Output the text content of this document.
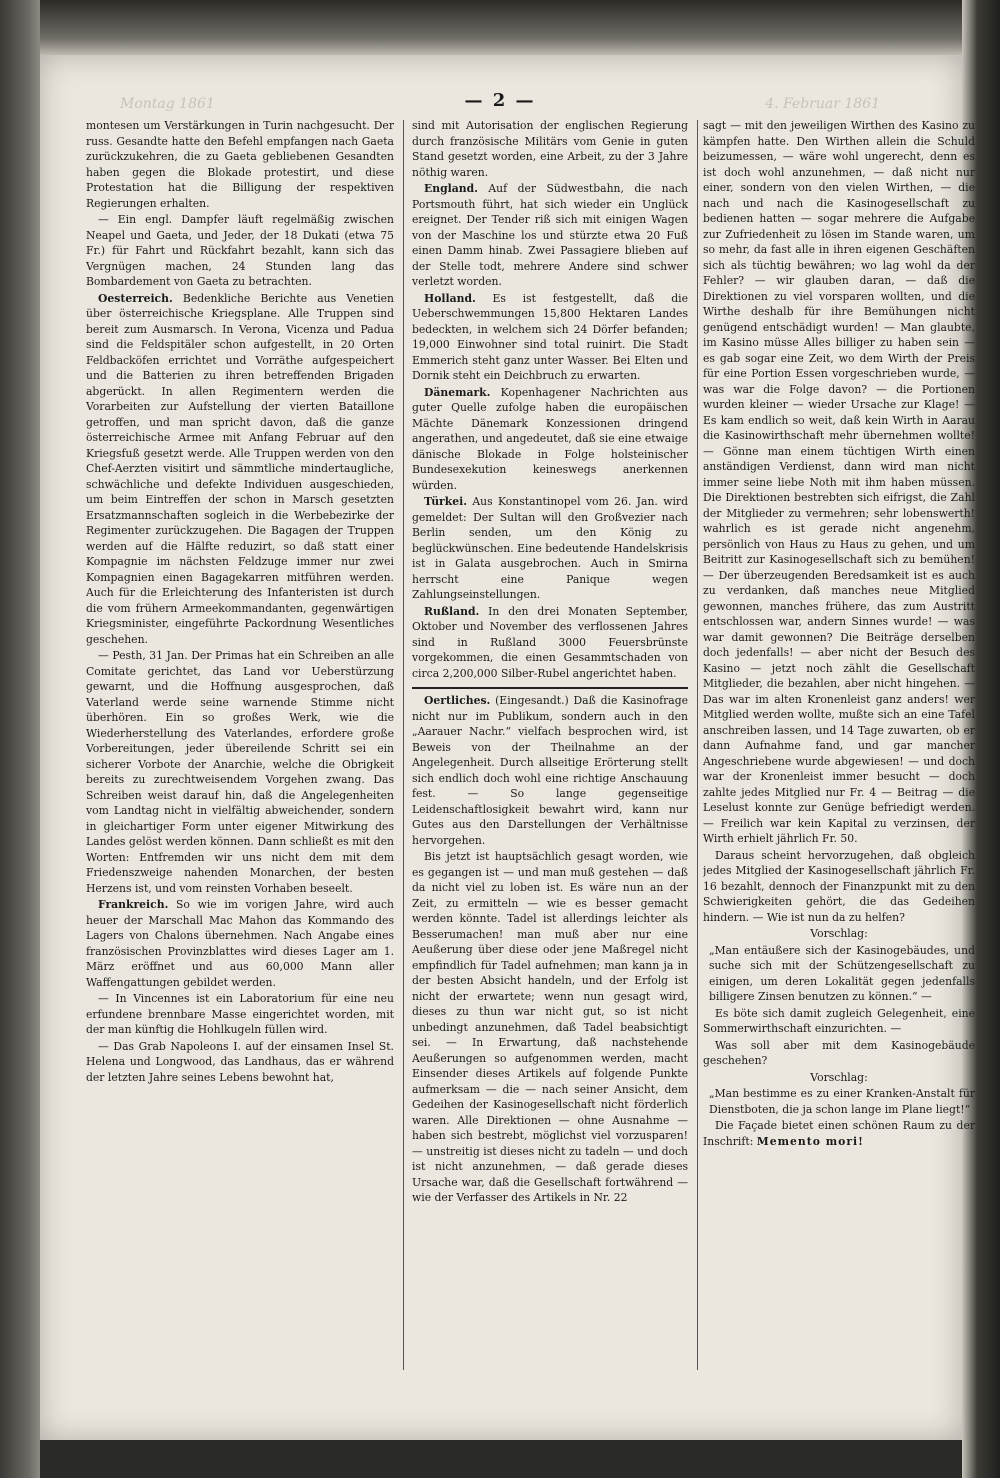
Montag 1861	4. Februar 1861
— 2 —

montesen um Verstärkungen in Turin nachgesucht. Der russ. Gesandte hatte den Befehl empfangen nach Gaeta zurückzukehren, die zu Gaeta gebliebenen Gesandten haben gegen die Blokade protestirt, und diese Protestation hat die Billigung der respektiven Regierungen erhalten.

— Ein engl. Dampfer läuft regelmäßig zwischen Neapel und Gaeta, und Jeder, der 18 Dukati (etwa 75 Fr.) für Fahrt und Rückfahrt bezahlt, kann sich das Vergnügen machen, 24 Stunden lang das Bombardement von Gaeta zu betrachten.

Oesterreich. Bedenkliche Berichte aus Venetien über österreichische Kriegsplane. Alle Truppen sind bereit zum Ausmarsch. In Verona, Vicenza und Padua sind die Feldspitäler schon aufgestellt, in 20 Orten Feldbacköfen errichtet und Vorräthe aufgespeichert und die Batterien zu ihren betreffenden Brigaden abgerückt. In allen Regimentern werden die Vorarbeiten zur Aufstellung der vierten Bataillone getroffen, und man spricht davon, daß die ganze österreichische Armee mit Anfang Februar auf den Kriegsfuß gesetzt werde. Alle Truppen werden von den Chef-Aerzten visitirt und sämmtliche mindertaugliche, schwächliche und defekte Individuen ausgeschieden, um beim Eintreffen der schon in Marsch gesetzten Ersatzmannschaften sogleich in die Werbebezirke der Regimenter zurückzugehen. Die Bagagen der Truppen werden auf die Hälfte reduzirt, so daß statt einer Kompagnie im nächsten Feldzuge immer nur zwei Kompagnien einen Bagagekarren mitführen werden. Auch für die Erleichterung des Infanteristen ist durch die vom frühern Armeekommandanten, gegenwärtigen Kriegsminister, eingeführte Packordnung Wesentliches geschehen.

— Pesth, 31 Jan. Der Primas hat ein Schreiben an alle Comitate gerichtet, das Land vor Ueberstürzung gewarnt, und die Hoffnung ausgesprochen, daß Vaterland werde seine warnende Stimme nicht überhören. Ein so großes Werk, wie die Wiederherstellung des Vaterlandes, erfordere große Vorbereitungen, jeder übereilende Schritt sei ein sicherer Vorbote der Anarchie, welche die Obrigkeit bereits zu zurechtweisendem Vorgehen zwang. Das Schreiben weist darauf hin, daß die Angelegenheiten vom Landtag nicht in vielfältig abweichender, sondern in gleichartiger Form unter eigener Mitwirkung des Landes gelöst werden können. Dann schließt es mit den Worten: Entfremden wir uns nicht dem mit dem Friedenszweige nahenden Monarchen, der besten Herzens ist, und vom reinsten Vorhaben beseelt.

Frankreich. So wie im vorigen Jahre, wird auch heuer der Marschall Mac Mahon das Kommando des Lagers von Chalons übernehmen. Nach Angabe eines französischen Provinzblattes wird dieses Lager am 1. März eröffnet und aus 60,000 Mann aller Waffengattungen gebildet werden.

— In Vincennes ist ein Laboratorium für eine neu erfundene brennbare Masse eingerichtet worden, mit der man künftig die Hohlkugeln füllen wird.

— Das Grab Napoleons I. auf der einsamen Insel St. Helena und Longwood, das Landhaus, das er während der letzten Jahre seines Lebens bewohnt hat,

sind mit Autorisation der englischen Regierung durch französische Militärs vom Genie in guten Stand gesetzt worden, eine Arbeit, zu der 3 Jahre nöthig waren.

England. Auf der Südwestbahn, die nach Portsmouth führt, hat sich wieder ein Unglück ereignet. Der Tender riß sich mit einigen Wagen von der Maschine los und stürzte etwa 20 Fuß einen Damm hinab. Zwei Passagiere blieben auf der Stelle todt, mehrere Andere sind schwer verletzt worden.

Holland. Es ist festgestellt, daß die Ueberschwemmungen 15,800 Hektaren Landes bedeckten, in welchem sich 24 Dörfer befanden; 19,000 Einwohner sind total ruinirt. Die Stadt Emmerich steht ganz unter Wasser. Bei Elten und Dornik steht ein Deichbruch zu erwarten.

Dänemark. Kopenhagener Nachrichten aus guter Quelle zufolge haben die europäischen Mächte Dänemark Konzessionen dringend angerathen, und angedeutet, daß sie eine etwaige dänische Blokade in Folge holsteinischer Bundesexekution keineswegs anerkennen würden.

Türkei. Aus Konstantinopel vom 26. Jan. wird gemeldet: Der Sultan will den Großvezier nach Berlin senden, um den König zu beglückwünschen. Eine bedeutende Handelskrisis ist in Galata ausgebrochen. Auch in Smirna herrscht eine Panique wegen Zahlungseinstellungen.

Rußland. In den drei Monaten September, Oktober und November des verflossenen Jahres sind in Rußland 3000 Feuersbrünste vorgekommen, die einen Gesammtschaden von circa 2,200,000 Silber-Rubel angerichtet haben.

Oertliches. (Eingesandt.) Daß die Kasinofrage nicht nur im Publikum, sondern auch in den „Aarauer Nachr.“ vielfach besprochen wird, ist Beweis von der Theilnahme an der Angelegenheit. Durch allseitige Erörterung stellt sich endlich doch wohl eine richtige Anschauung fest. — So lange gegenseitige Leidenschaftlosigkeit bewahrt wird, kann nur Gutes aus den Darstellungen der Verhältnisse hervorgehen.

Bis jetzt ist hauptsächlich gesagt worden, wie es gegangen ist — und man muß gestehen — daß da nicht viel zu loben ist. Es wäre nun an der Zeit, zu ermitteln — wie es besser gemacht werden könnte. Tadel ist allerdings leichter als Besserumachen! man muß aber nur eine Aeußerung über diese oder jene Maßregel nicht empfindlich für Tadel aufnehmen; man kann ja in der besten Absicht handeln, und der Erfolg ist nicht der erwartete; wenn nun gesagt wird, dieses zu thun war nicht gut, so ist nicht unbedingt anzunehmen, daß Tadel beabsichtigt sei. — In Erwartung, daß nachstehende Aeußerungen so aufgenommen werden, macht Einsender dieses Artikels auf folgende Punkte aufmerksam — die — nach seiner Ansicht, dem Gedeihen der Kasinogesellschaft nicht förderlich waren. Alle Direktionen — ohne Ausnahme — haben sich bestrebt, möglichst viel vorzusparen! — unstreitig ist dieses nicht zu tadeln — und doch ist nicht anzunehmen, — daß gerade dieses Ursache war, daß die Gesellschaft fortwährend — wie der Verfasser des Artikels in Nr. 22

sagt — mit den jeweiligen Wirthen des Kasino zu kämpfen hatte. Den Wirthen allein die Schuld beizumessen, — wäre wohl ungerecht, denn es ist doch wohl anzunehmen, — daß nicht nur einer, sondern von den vielen Wirthen, — die nach und nach die Kasinogesellschaft zu bedienen hatten — sogar mehrere die Aufgabe zur Zufriedenheit zu lösen im Stande waren, um so mehr, da fast alle in ihren eigenen Geschäften sich als tüchtig bewähren; wo lag wohl da der Fehler? — wir glauben daran, — daß die Direktionen zu viel vorsparen wollten, und die Wirthe deshalb für ihre Bemühungen nicht genügend entschädigt wurden! — Man glaubte, im Kasino müsse Alles billiger zu haben sein — es gab sogar eine Zeit, wo dem Wirth der Preis für eine Portion Essen vorgeschrieben wurde, — was war die Folge davon? — die Portionen wurden kleiner — wieder Ursache zur Klage! — Es kam endlich so weit, daß kein Wirth in Aarau die Kasinowirthschaft mehr übernehmen wollte! — Gönne man einem tüchtigen Wirth einen anständigen Verdienst, dann wird man nicht immer seine liebe Noth mit ihm haben müssen. Die Direktionen bestrebten sich eifrigst, die Zahl der Mitglieder zu vermehren; sehr lobenswerth! wahrlich es ist gerade nicht angenehm, persönlich von Haus zu Haus zu gehen, und um Beitritt zur Kasinogesellschaft sich zu bemühen! — Der überzeugenden Beredsamkeit ist es auch zu verdanken, daß manches neue Mitglied gewonnen, manches frühere, das zum Austritt entschlossen war, andern Sinnes wurde! — was war damit gewonnen? Die Beiträge derselben doch jedenfalls! — aber nicht der Besuch des Kasino — jetzt noch zählt die Gesellschaft Mitglieder, die bezahlen, aber nicht hingehen. — Das war im alten Kronenleist ganz anders! wer Mitglied werden wollte, mußte sich an eine Tafel anschreiben lassen, und 14 Tage zuwarten, ob er dann Aufnahme fand, und gar mancher Angeschriebene wurde abgewiesen! — und doch war der Kronenleist immer besucht — doch zahlte jedes Mitglied nur Fr. 4 — Beitrag — die Leselust konnte zur Genüge befriedigt werden. — Freilich war kein Kapital zu verzinsen, der Wirth erhielt jährlich Fr. 50.

Daraus scheint hervorzugehen, daß obgleich jedes Mitglied der Kasinogesellschaft jährlich Fr. 16 bezahlt, dennoch der Finanzpunkt mit zu den Schwierigkeiten gehört, die das Gedeihen hindern. — Wie ist nun da zu helfen?

Vorschlag:

„Man entäußere sich der Kasinogebäudes, und suche sich mit der Schützengesellschaft zu einigen, um deren Lokalität gegen jedenfalls billigere Zinsen benutzen zu können.“ —

Es böte sich damit zugleich Gelegenheit, eine Sommerwirthschaft einzurichten. —

Was soll aber mit dem Kasinogebäude geschehen?

Vorschlag:

„Man bestimme es zu einer Kranken-Anstalt für Dienstboten, die ja schon lange im Plane liegt!“

Die Façade bietet einen schönen Raum zu der Inschrift: Memento mori!
